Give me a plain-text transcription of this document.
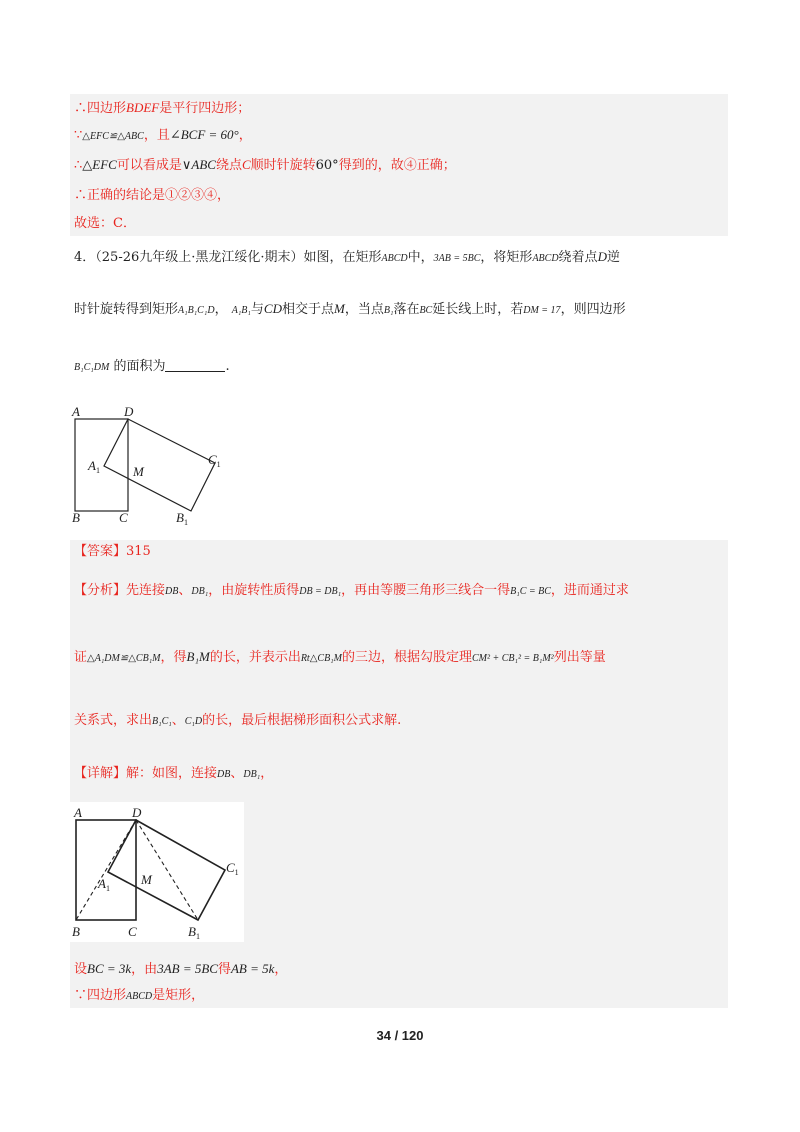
∴四边形BDEF是平行四边形；
∵△EFC≌△ABC，且∠BCF = 60°，
∴△EFC可以看成是∨ABC绕点C顺时针旋转60°得到的，故④正确；
∴正确的结论是①②③④，
故选：C．
4．（25-26九年级上·黑龙江绥化·期末）如图，在矩形ABCD中，3AB = 5BC，将矩形ABCD绕着点D逆
时针旋转得到矩形A₁B₁C₁D， A₁B₁与CD相交于点M，当点B₁落在BC延长线上时，若DM = 17，则四边形
B₁C₁DM 的面积为	.
A	D
$A_1$	M
$C_1$
B	C	$B_1$
【答案】315
【分析】先连接DB、DB₁，由旋转性质得DB = DB₁，再由等腰三角形三线合一得B₁C = BC，进而通过求
证△A₁DM≌△CB₁M，得B₁M的长，并表示出Rt△CB₁M的三边，根据勾股定理CM² + CB₁² = B₁M²列出等量
关系式，求出B₁C₁、C₁D的长，最后根据梯形面积公式求解.
【详解】解：如图，连接DB、DB₁，
A	D
$A_1$
M
$C_1$
B	C	$B_1$
设BC = 3k，由3AB = 5BC得AB = 5k，
∵四边形ABCD是矩形，
34 / 120
